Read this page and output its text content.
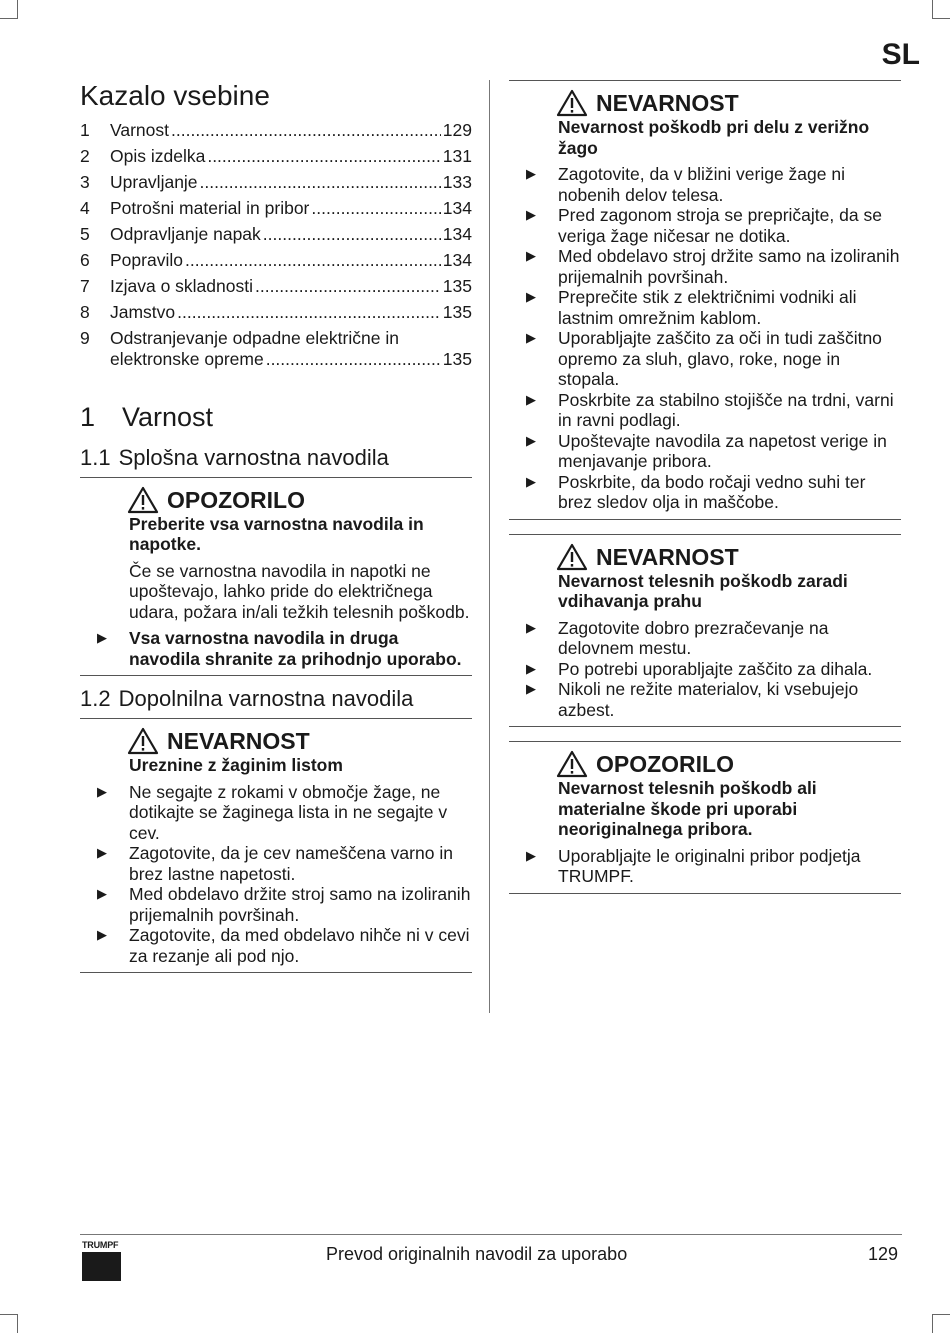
SL
Kazalo vsebine
1	Varnost .....	129
2	Opis izdelka .....	131
3	Upravljanje .....	133
4	Potrošni material in pribor .....	134
5	Odpravljanje napak .....	134
6	Popravilo .....	134
7	Izjava o skladnosti .....	135
8	Jamstvo .....	135
9	Odstranjevanje odpadne električne in
elektronske opreme .....	135
1 Varnost
1.1 Splošna varnostna navodila
OPOZORILO
Preberite vsa varnostna navodila in napotke.
Če se varnostna navodila in napotki ne upoštevajo, lahko pride do električnega udara, požara in/ali težkih telesnih poškodb.
▶	Vsa varnostna navodila in druga navodila shranite za prihodnjo uporabo.
1.2 Dopolnilna varnostna navodila
NEVARNOST
Ureznine z žaginim listom
▶	Ne segajte z rokami v območje žage, ne dotikajte se žaginega lista in ne segajte v cev.
▶	Zagotovite, da je cev nameščena varno in brez lastne napetosti.
▶	Med obdelavo držite stroj samo na izoliranih prijemalnih površinah.
▶	Zagotovite, da med obdelavo nihče ni v cevi za rezanje ali pod njo.
NEVARNOST
Nevarnost poškodb pri delu z verižno žago
▶	Zagotovite, da v bližini verige žage ni nobenih delov telesa.
▶	Pred zagonom stroja se prepričajte, da se veriga žage ničesar ne dotika.
▶	Med obdelavo stroj držite samo na izoliranih prijemalnih površinah.
▶	Preprečite stik z električnimi vodniki ali lastnim omrežnim kablom.
▶	Uporabljajte zaščito za oči in tudi zaščitno opremo za sluh, glavo, roke, noge in stopala.
▶	Poskrbite za stabilno stojišče na trdni, varni in ravni podlagi.
▶	Upoštevajte navodila za napetost verige in menjavanje pribora.
▶	Poskrbite, da bodo ročaji vedno suhi ter brez sledov olja in maščobe.
NEVARNOST
Nevarnost telesnih poškodb zaradi vdihavanja prahu
▶	Zagotovite dobro prezračevanje na delovnem mestu.
▶	Po potrebi uporabljajte zaščito za dihala.
▶	Nikoli ne režite materialov, ki vsebujejo azbest.
OPOZORILO
Nevarnost telesnih poškodb ali materialne škode pri uporabi neoriginalnega pribora.
▶	Uporabljajte le originalni pribor podjetja TRUMPF.
TRUMPF	Prevod originalnih navodil za uporabo	129
